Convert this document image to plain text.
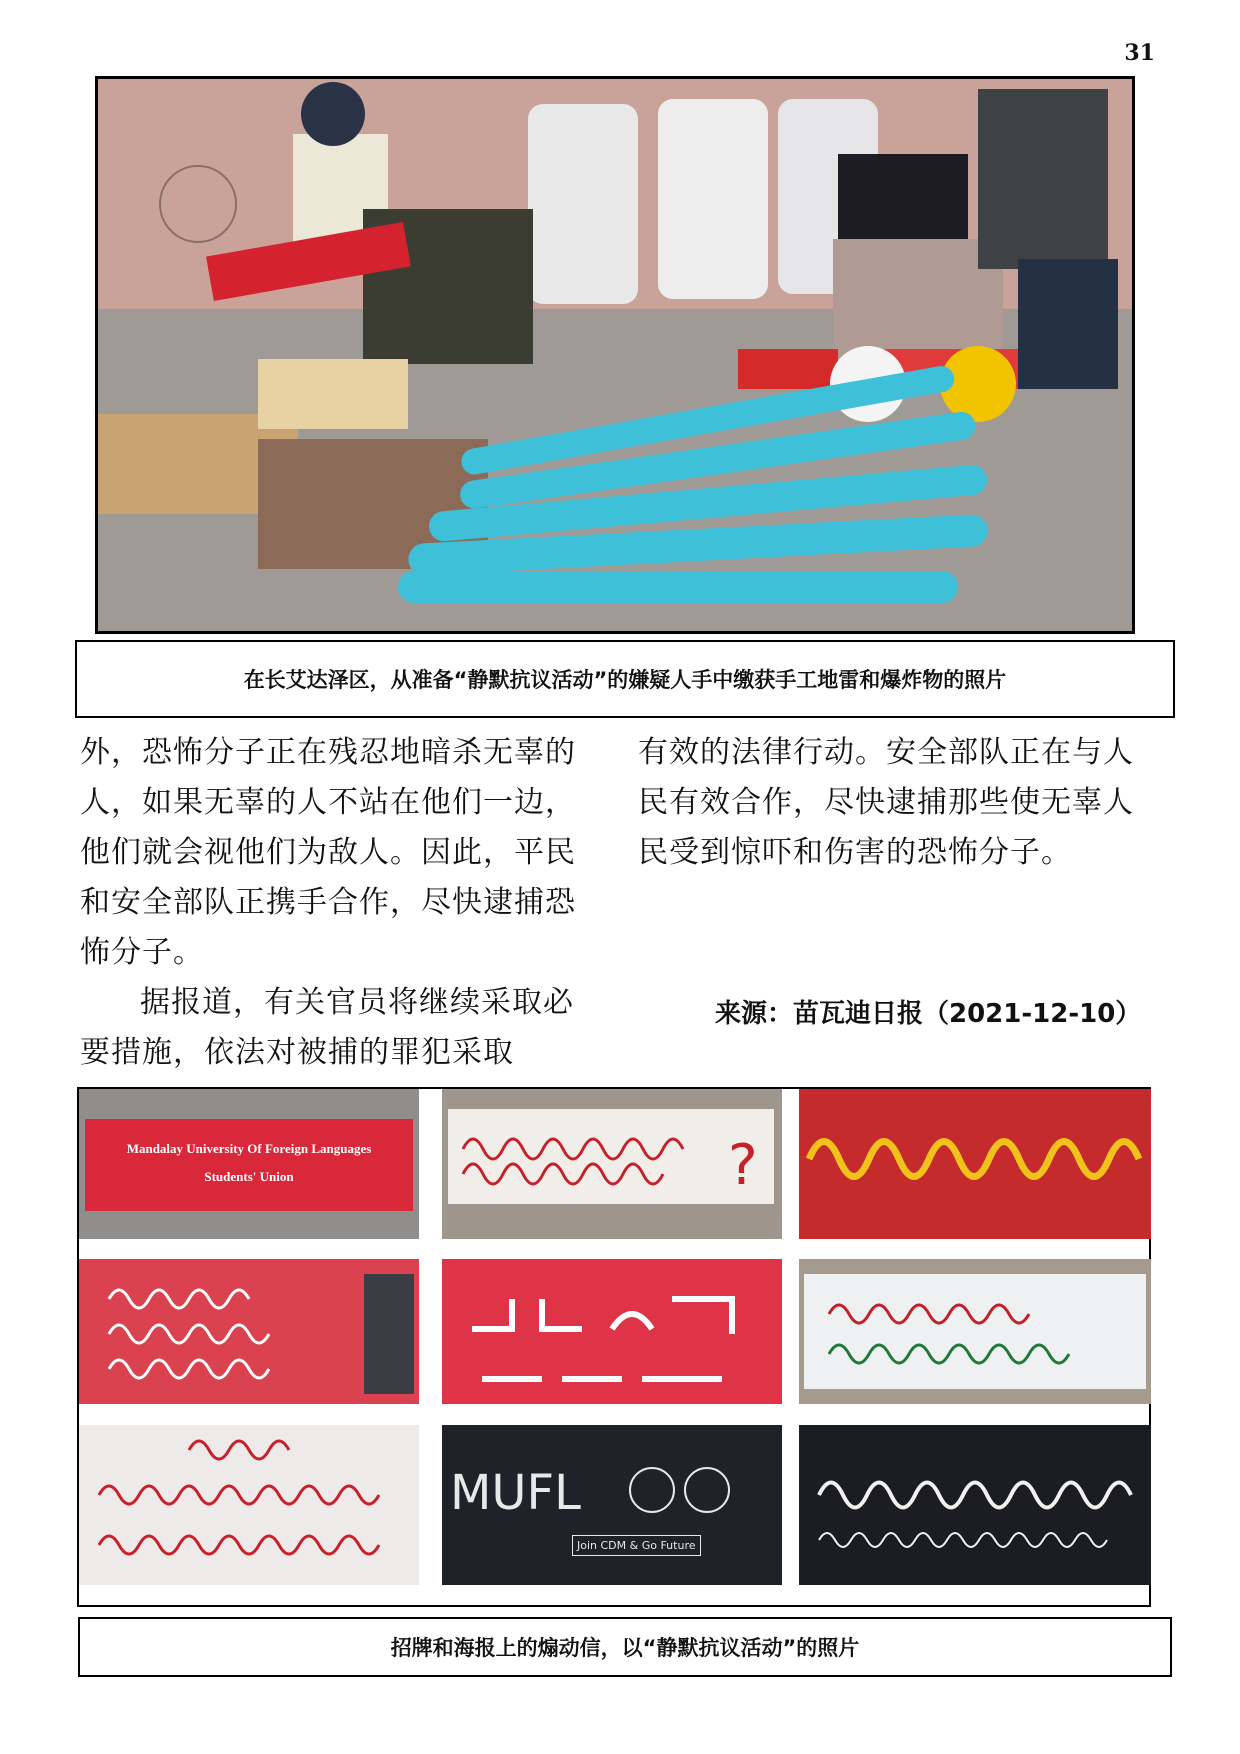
31
在长艾达泽区，从准备“静默抗议活动”的嫌疑人手中缴获手工地雷和爆炸物的照片

外，恐怖分子正在残忍地暗杀无辜的人，如果无辜的人不站在他们一边，他们就会视他们为敌人。因此，平民和安全部队正携手合作，尽快逮捕恐怖分子。

据报道，有关官员将继续采取必要措施，依法对被捕的罪犯采取

有效的法律行动。安全部队正在与人民有效合作，尽快逮捕那些使无辜人民受到惊吓和伤害的恐怖分子。

来源：苗瓦迪日报（2021-12-10）
Mandalay University Of Foreign Languages
Students' Union	?
MUFL
Join CDM & Go Future
招牌和海报上的煽动信，以“静默抗议活动”的照片
